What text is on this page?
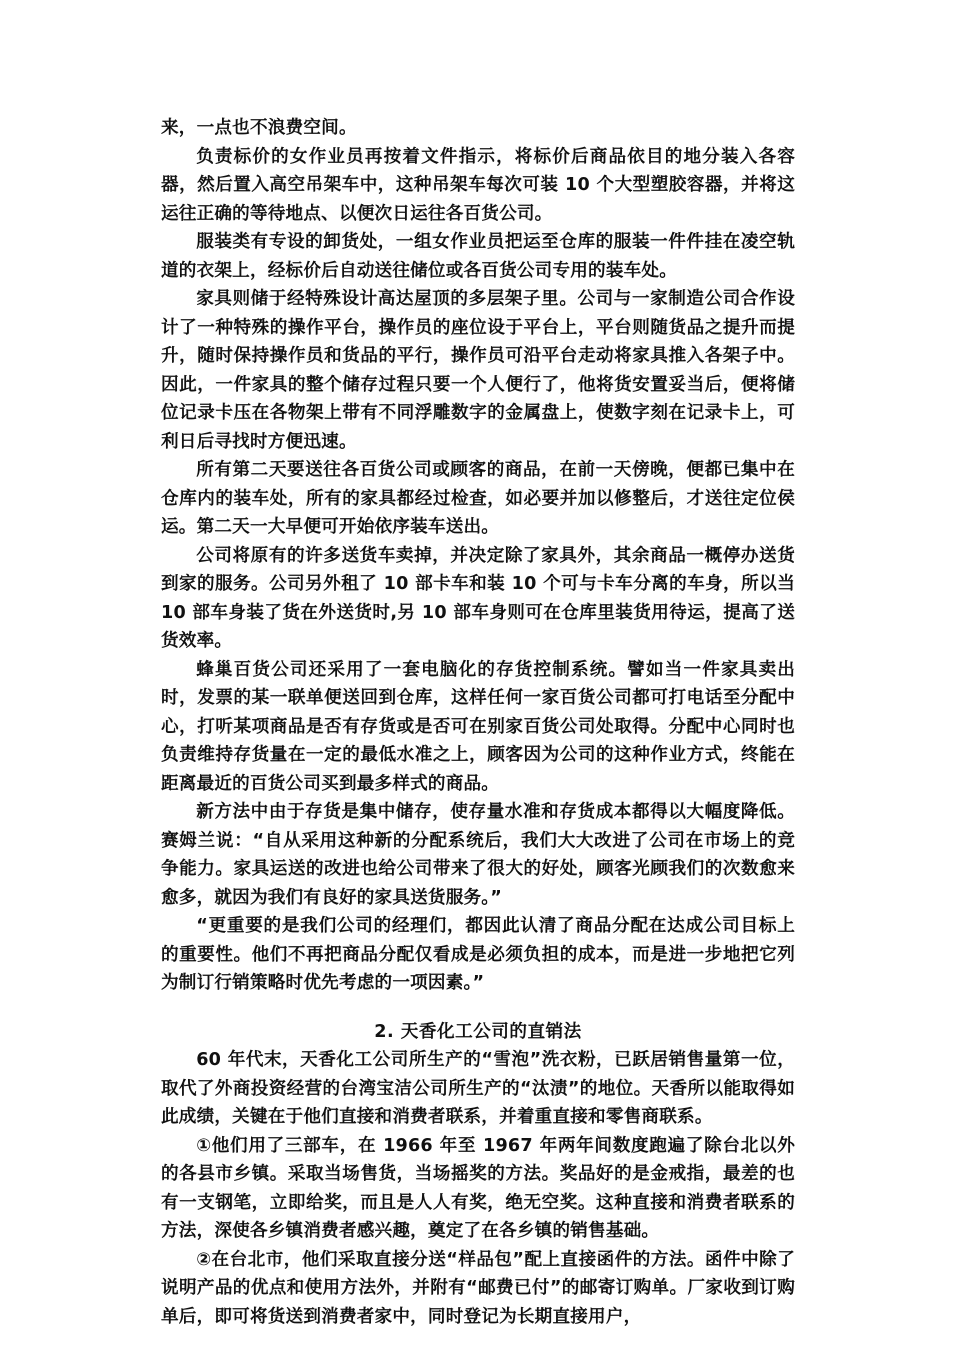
来，一点也不浪费空间。

负责标价的女作业员再按着文件指示，将标价后商品依目的地分装入各容器，然后置入高空吊架车中，这种吊架车每次可装 10 个大型塑胶容器，并将这运往正确的等待地点、以便次日运往各百货公司。

服装类有专设的卸货处，一组女作业员把运至仓库的服装一件件挂在凌空轨道的衣架上，经标价后自动送往储位或各百货公司专用的装车处。

家具则储于经特殊设计高达屋顶的多层架子里。公司与一家制造公司合作设计了一种特殊的操作平台，操作员的座位设于平台上，平台则随货品之提升而提升，随时保持操作员和货品的平行，操作员可沿平台走动将家具推入各架子中。因此，一件家具的整个储存过程只要一个人便行了，他将货安置妥当后，便将储位记录卡压在各物架上带有不同浮雕数字的金属盘上，使数字刻在记录卡上，可利日后寻找时方便迅速。

所有第二天要送往各百货公司或顾客的商品，在前一天傍晚，便都已集中在仓库内的装车处，所有的家具都经过检查，如必要并加以修整后，才送往定位侯运。第二天一大早便可开始依序装车送出。

公司将原有的许多送货车卖掉，并决定除了家具外，其余商品一概停办送货到家的服务。公司另外租了 10 部卡车和装 10 个可与卡车分离的车身，所以当 10 部车身装了货在外送货时,另 10 部车身则可在仓库里装货用待运，提高了送货效率。

蜂巢百货公司还采用了一套电脑化的存货控制系统。譬如当一件家具卖出时，发票的某一联单便送回到仓库，这样任何一家百货公司都可打电话至分配中心，打听某项商品是否有存货或是否可在别家百货公司处取得。分配中心同时也负责维持存货量在一定的最低水准之上，顾客因为公司的这种作业方式，终能在距离最近的百货公司买到最多样式的商品。

新方法中由于存货是集中储存，使存量水准和存货成本都得以大幅度降低。赛姆兰说：“自从采用这种新的分配系统后，我们大大改进了公司在市场上的竞争能力。家具运送的改进也给公司带来了很大的好处，顾客光顾我们的次数愈来愈多，就因为我们有良好的家具送货服务。”

“更重要的是我们公司的经理们，都因此认清了商品分配在达成公司目标上的重要性。他们不再把商品分配仅看成是必须负担的成本，而是进一步地把它列为制订行销策略时优先考虑的一项因素。”

2. 天香化工公司的直销法

60 年代末，天香化工公司所生产的“雪泡”洗衣粉，已跃居销售量第一位，取代了外商投资经营的台湾宝洁公司所生产的“汰渍”的地位。天香所以能取得如此成绩，关键在于他们直接和消费者联系，并着重直接和零售商联系。

①他们用了三部车，在 1966 年至 1967 年两年间数度跑遍了除台北以外的各县市乡镇。采取当场售货，当场摇奖的方法。奖品好的是金戒指，最差的也有一支钢笔，立即给奖，而且是人人有奖，绝无空奖。这种直接和消费者联系的方法，深使各乡镇消费者感兴趣，奠定了在各乡镇的销售基础。

②在台北市，他们采取直接分送“样品包”配上直接函件的方法。函件中除了说明产品的优点和使用方法外，并附有“邮费已付”的邮寄订购单。厂家收到订购单后，即可将货送到消费者家中，同时登记为长期直接用户，
